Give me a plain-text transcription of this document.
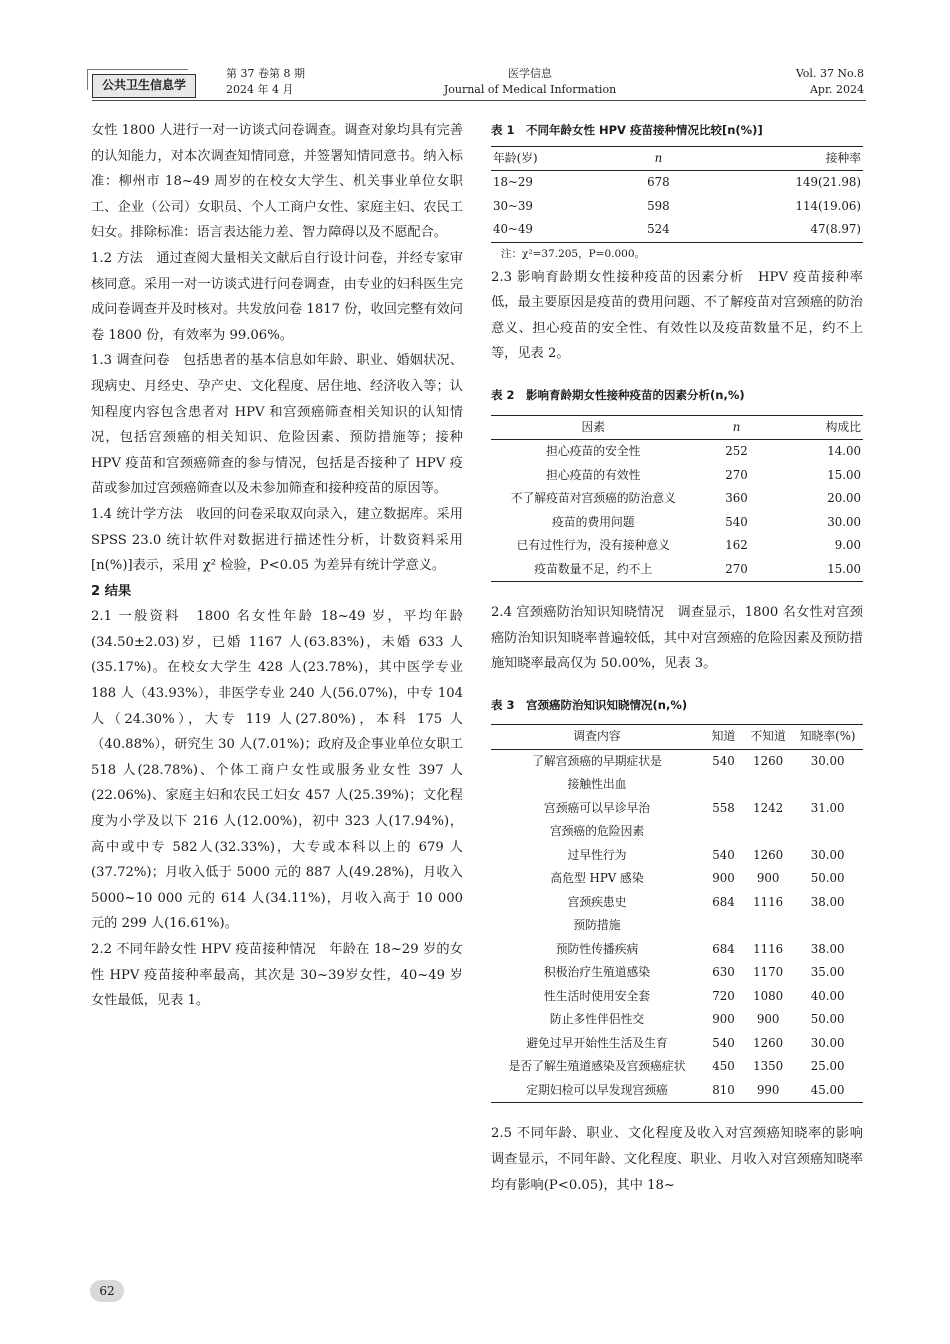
公共卫生信息学
第 37 卷第 8 期
2024 年 4 月
医学信息
Journal of Medical Information
Vol. 37 No.8
Apr. 2024

女性 1800 人进行一对一访谈式问卷调查。调查对象均具有完善的认知能力，对本次调查知情同意，并签署知情同意书。纳入标准：柳州市 18~49 周岁的在校女大学生、机关事业单位女职工、企业（公司）女职员、个人工商户女性、家庭主妇、农民工妇女。排除标准：语言表达能力差、智力障碍以及不愿配合。

1.2 方法　通过查阅大量相关文献后自行设计问卷，并经专家审核同意。采用一对一访谈式进行问卷调查，由专业的妇科医生完成问卷调查并及时核对。共发放问卷 1817 份，收回完整有效问卷 1800 份，有效率为 99.06%。

1.3 调查问卷　包括患者的基本信息如年龄、职业、婚姻状况、现病史、月经史、孕产史、文化程度、居住地、经济收入等；认知程度内容包含患者对 HPV 和宫颈癌筛查相关知识的认知情况，包括宫颈癌的相关知识、危险因素、预防措施等；接种 HPV 疫苗和宫颈癌筛查的参与情况，包括是否接种了 HPV 疫苗或参加过宫颈癌筛查以及未参加筛查和接种疫苗的原因等。

1.4 统计学方法　收回的问卷采取双向录入，建立数据库。采用 SPSS 23.0 统计软件对数据进行描述性分析，计数资料采用[n(%)]表示，采用 χ² 检验，P<0.05 为差异有统计学意义。

2 结果

2.1 一般资料　1800 名女性年龄 18~49 岁，平均年龄(34.50±2.03)岁，已婚 1167 人(63.83%)，未婚 633 人(35.17%)。在校女大学生 428 人(23.78%)，其中医学专业 188 人（43.93%），非医学专业 240 人(56.07%)，中专 104 人（24.30%），大专 119 人(27.80%)，本科 175 人（40.88%），研究生 30 人(7.01%)；政府及企事业单位女职工 518 人(28.78%)、个体工商户女性或服务业女性 397 人(22.06%)、家庭主妇和农民工妇女 457 人(25.39%)；文化程度为小学及以下 216 人(12.00%)，初中 323 人(17.94%)，高中或中专 582人(32.33%)，大专或本科以上的 679 人(37.72%)；月收入低于 5000 元的 887 人(49.28%)，月收入 5000~10 000 元的 614 人(34.11%)，月收入高于 10 000 元的 299 人(16.61%)。

2.2 不同年龄女性 HPV 疫苗接种情况　年龄在 18~29 岁的女性 HPV 疫苗接种率最高，其次是 30~39岁女性，40~49 岁女性最低，见表 1。

表 1　不同年龄女性 HPV 疫苗接种情况比较[n(%)]

年龄(岁)	n	接种率
18~29	678	149(21.98)
30~39	598	114(19.06)
40~49	524	47(8.97)

注：χ²=37.205，P=0.000。

2.3 影响育龄期女性接种疫苗的因素分析　HPV 疫苗接种率低，最主要原因是疫苗的费用问题、不了解疫苗对宫颈癌的防治意义、担心疫苗的安全性、有效性以及疫苗数量不足，约不上等，见表 2。

表 2　影响育龄期女性接种疫苗的因素分析(n,%)

因素	n	构成比
担心疫苗的安全性	252	14.00
担心疫苗的有效性	270	15.00
不了解疫苗对宫颈癌的防治意义	360	20.00
疫苗的费用问题	540	30.00
已有过性行为，没有接种意义	162	9.00
疫苗数量不足，约不上	270	15.00

2.4 宫颈癌防治知识知晓情况　调查显示，1800 名女性对宫颈癌防治知识知晓率普遍较低，其中对宫颈癌的危险因素及预防措施知晓率最高仅为 50.00%，见表 3。

表 3　宫颈癌防治知识知晓情况(n,%)

调查内容	知道	不知道	知晓率(%)
了解宫颈癌的早期症状是	540	1260	30.00
接触性出血			
宫颈癌可以早诊早治	558	1242	31.00
宫颈癌的危险因素			
过早性行为	540	1260	30.00
高危型 HPV 感染	900	900	50.00
宫颈疾患史	684	1116	38.00
预防措施			
预防性传播疾病	684	1116	38.00
积极治疗生殖道感染	630	1170	35.00
性生活时使用安全套	720	1080	40.00
防止多性伴侣性交	900	900	50.00
避免过早开始性生活及生育	540	1260	30.00
是否了解生殖道感染及宫颈癌症状	450	1350	25.00
定期妇检可以早发现宫颈癌	810	990	45.00

2.5 不同年龄、职业、文化程度及收入对宫颈癌知晓率的影响　调查显示，不同年龄、文化程度、职业、月收入对宫颈癌知晓率均有影响(P<0.05)，其中 18~

62
